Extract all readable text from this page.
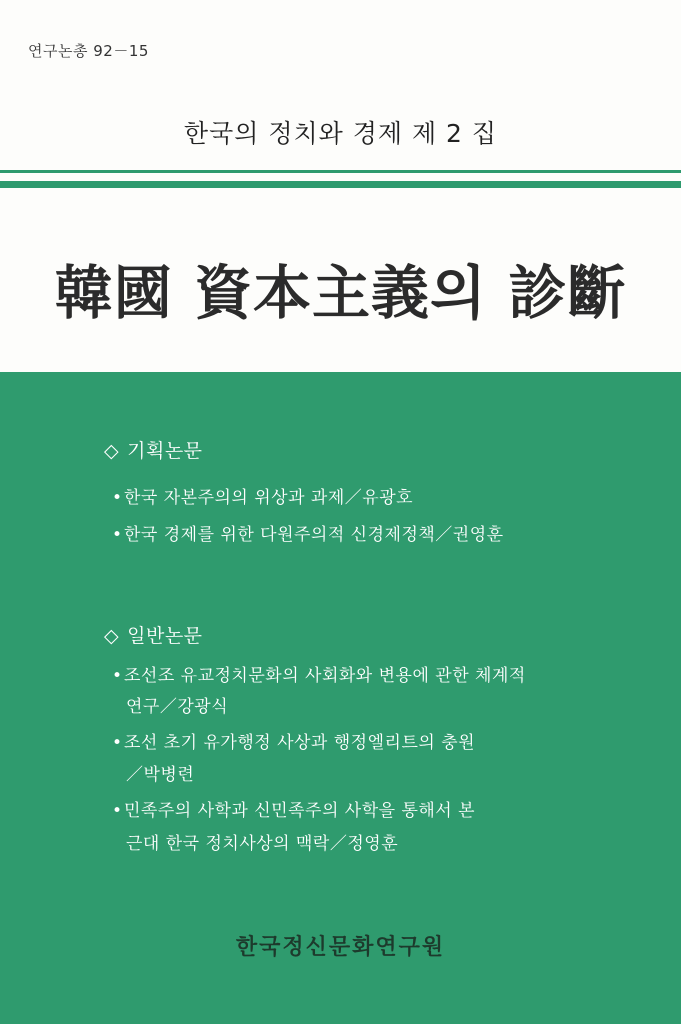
연구논총 92－15
한국의 정치와 경제 제 2 집
韓國 資本主義의 診斷
◇ 기획논문
•한국 자본주의의 위상과 과제／유광호
•한국 경제를 위한 다원주의적 신경제정책／권영훈
◇ 일반논문
•조선조 유교정치문화의 사회화와 변용에 관한 체계적
연구／강광식
•조선 초기 유가행정 사상과 행정엘리트의 충원
／박병련
•민족주의 사학과 신민족주의 사학을 통해서 본
근대 한국 정치사상의 맥락／정영훈
한국정신문화연구원
